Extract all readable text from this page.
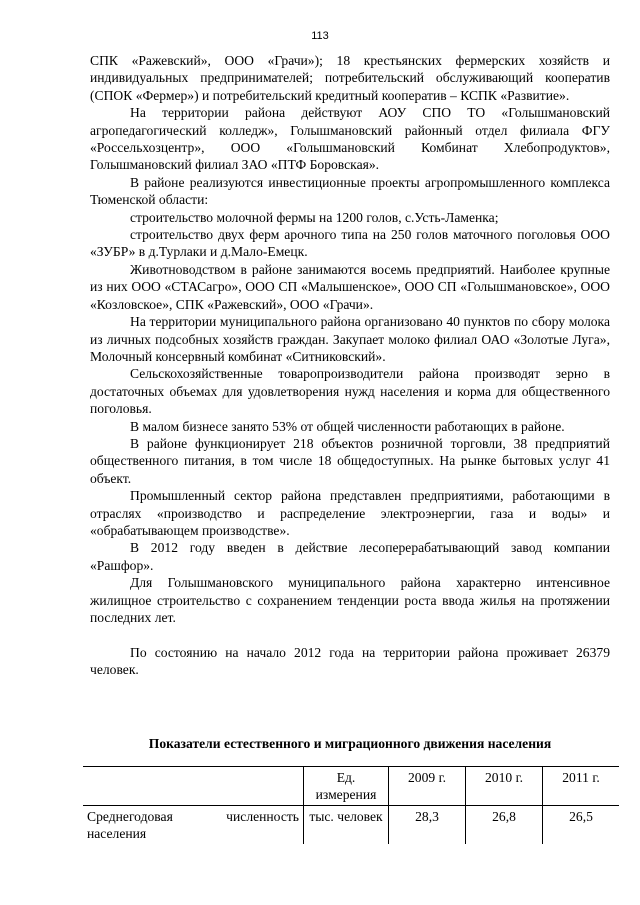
113

СПК «Ражевский», ООО «Грачи»); 18 крестьянских фермерских хозяйств и индивидуальных предпринимателей; потребительский обслуживающий кооператив (СПОК «Фермер») и потребительский кредитный кооператив – КСПК «Развитие».

На территории района действуют АОУ СПО ТО «Голышмановский агропедагогический колледж», Голышмановский районный отдел филиала ФГУ «Россельхозцентр», ООО «Голышмановский Комбинат Хлебопродуктов», Голышмановский филиал ЗАО «ПТФ Боровская».

В районе реализуются инвестиционные проекты агропромышленного комплекса Тюменской области:

строительство молочной фермы на 1200 голов, с.Усть-Ламенка;

строительство двух ферм арочного типа на 250 голов маточного поголовья ООО «ЗУБР» в д.Турлаки и д.Мало-Емецк.

Животноводством в районе занимаются восемь предприятий. Наиболее крупные из них ООО «СТАСагро», ООО СП «Малышенское», ООО СП «Голышмановское», ООО «Козловское», СПК «Ражевский», ООО «Грачи».

На территории муниципального района организовано 40 пунктов по сбору молока из личных подсобных хозяйств граждан. Закупает молоко филиал ОАО «Золотые Луга», Молочный консервный комбинат «Ситниковский».

Сельскохозяйственные товаропроизводители района производят зерно в достаточных объемах для удовлетворения нужд населения и корма для общественного поголовья.

В малом бизнесе занято 53% от общей численности работающих в районе.

В районе функционирует 218 объектов розничной торговли, 38 предприятий общественного питания, в том числе 18 общедоступных. На рынке бытовых услуг 41 объект.

Промышленный сектор района представлен предприятиями, работающими в отраслях «производство и распределение электроэнергии, газа и воды» и «обрабатывающем производстве».

В 2012 году введен в действие лесоперерабатывающий завод компании «Рашфор».

Для Голышмановского муниципального района характерно интенсивное жилищное строительство с сохранением тенденции роста ввода жилья на протяжении последних лет.

По состоянию на начало 2012 года на территории района проживает 26379 человек.

Показатели естественного и миграционного движения населения
	Ед. измерения	2009 г.	2010 г.	2011 г.

Среднегодовая численность населения	тыс. человек	28,3	26,8	26,5
